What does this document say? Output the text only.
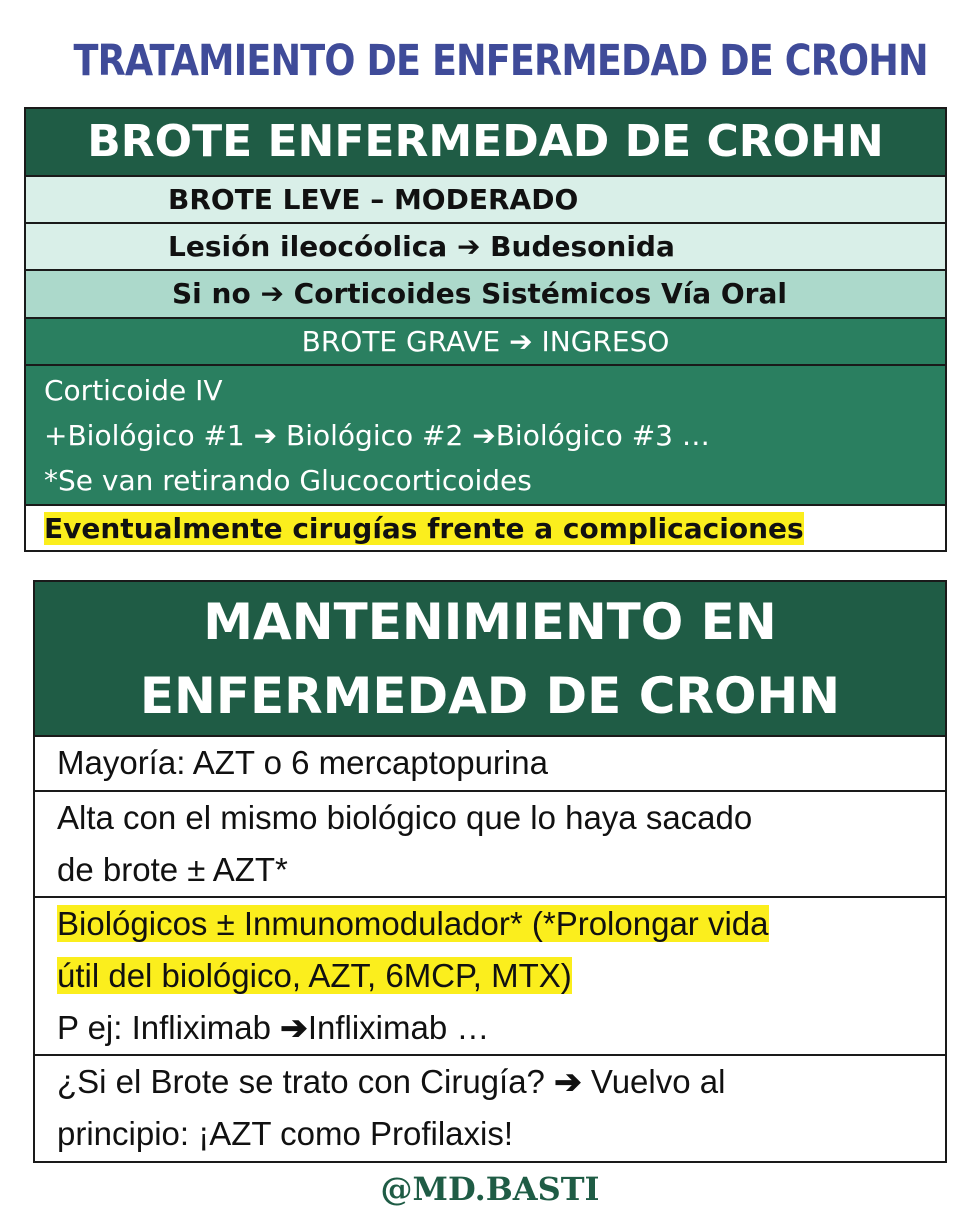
TRATAMIENTO DE ENFERMEDAD DE CROHN
BROTE ENFERMEDAD DE CROHN
BROTE LEVE – MODERADO
Lesión ileocóolica ➔ Budesonida
Si no ➔ Corticoides Sistémicos Vía Oral
BROTE GRAVE ➔ INGRESO
Corticoide IV
+Biológico #1 ➔ Biológico #2 ➔Biológico #3 …
*Se van retirando Glucocorticoides
Eventualmente cirugías frente a complicaciones
MANTENIMIENTO EN
ENFERMEDAD DE CROHN
Mayoría: AZT o 6 mercaptopurina
Alta con el mismo biológico que lo haya sacado
de brote ± AZT*
Biológicos ± Inmunomodulador* (*Prolongar vida
útil del biológico, AZT, 6MCP, MTX)
P ej: Infliximab ➔Infliximab …
¿Si el Brote se trato con Cirugía? ➔ Vuelvo al
principio: ¡AZT como Profilaxis!
@MD.BASTI
